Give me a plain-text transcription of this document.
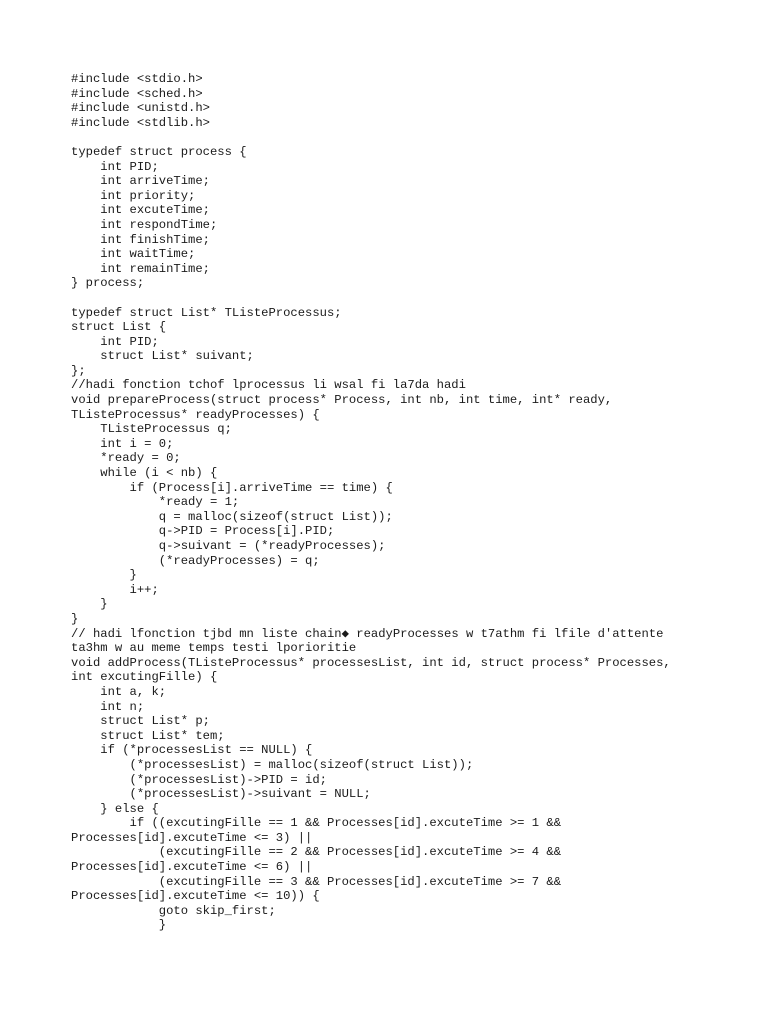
#include <stdio.h>
#include <sched.h>
#include <unistd.h>
#include <stdlib.h>
typedef struct process {
int PID;
int arriveTime;
int priority;
int excuteTime;
int respondTime;
int finishTime;
int waitTime;
int remainTime;
} process;
typedef struct List* TListeProcessus;
struct List {
int PID;
struct List* suivant;
};
//hadi fonction tchof lprocessus li wsal fi la7da hadi
void prepareProcess(struct process* Process, int nb, int time, int* ready,
TListeProcessus* readyProcesses) {
TListeProcessus q;
int i = 0;
*ready = 0;
while (i < nb) {
if (Process[i].arriveTime == time) {
*ready = 1;
q = malloc(sizeof(struct List));
q->PID = Process[i].PID;
q->suivant = (*readyProcesses);
(*readyProcesses) = q;
}
i++;
}
}
// hadi lfonction tjbd mn liste chain◆ readyProcesses w t7athm fi lfile d'attente
ta3hm w au meme temps testi lporioritie
void addProcess(TListeProcessus* processesList, int id, struct process* Processes,
int excutingFille) {
int a, k;
int n;
struct List* p;
struct List* tem;
if (*processesList == NULL) {
(*processesList) = malloc(sizeof(struct List));
(*processesList)->PID = id;
(*processesList)->suivant = NULL;
} else {
if ((excutingFille == 1 && Processes[id].excuteTime >= 1 &&
Processes[id].excuteTime <= 3) ||
(excutingFille == 2 && Processes[id].excuteTime >= 4 &&
Processes[id].excuteTime <= 6) ||
(excutingFille == 3 && Processes[id].excuteTime >= 7 &&
Processes[id].excuteTime <= 10)) {
goto skip_first;
}
